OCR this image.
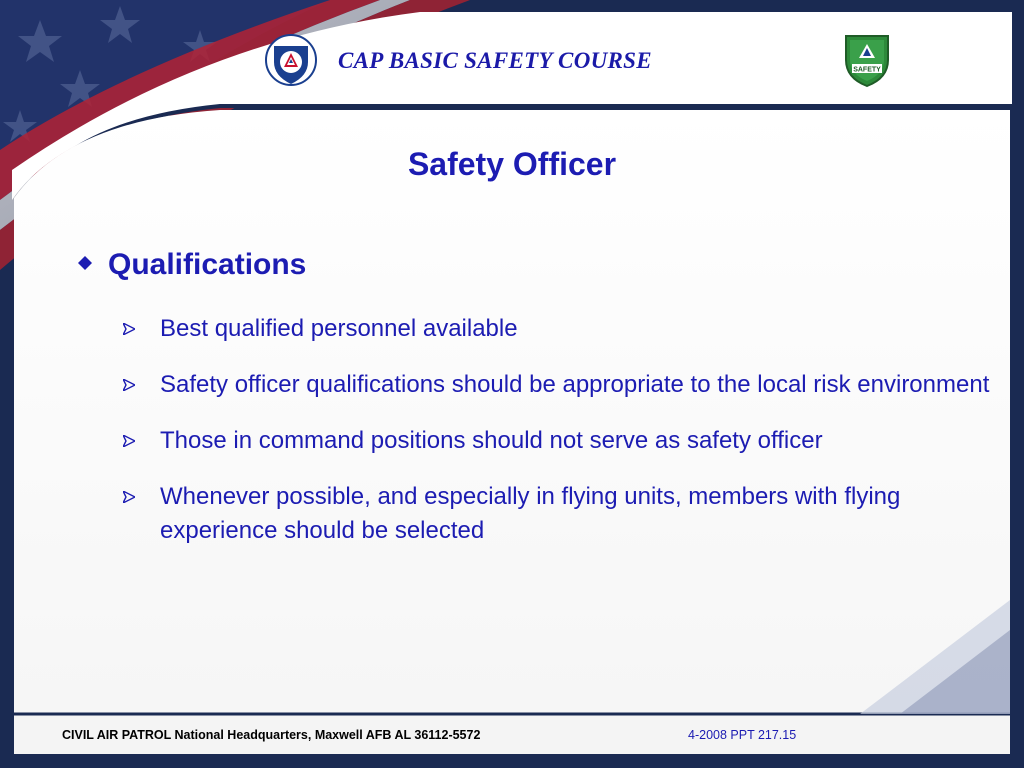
CAP BASIC SAFETY COURSE	SAFETY
Safety Officer
Qualifications
Best qualified personnel available
Safety officer qualifications should be appropriate to the local risk environment
Those in command positions should not serve as safety officer
Whenever possible, and especially in flying units, members with flying experience should be selected
CIVIL AIR PATROL National Headquarters, Maxwell AFB AL 36112-5572	4-2008 PPT 217.15
